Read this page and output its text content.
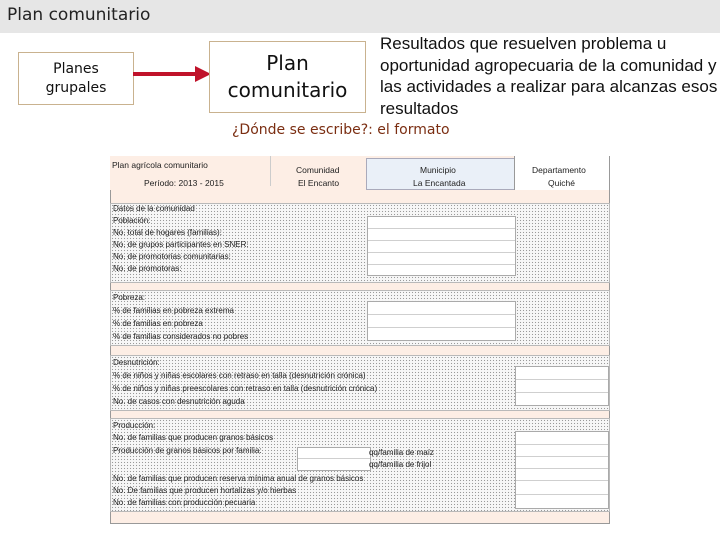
Plan comunitario
Planes grupales
Plan comunitario
Resultados que resuelven problema u oportunidad agropecuaria de la comunidad y las actividades a realizar para alcanzas esos resultados
¿Dónde se escribe?: el formato
Plan agrícola comunitario
Período: 2013 - 2015
Comunidad
El Encanto
Municipio
La Encantada
Departamento
Quiché
Datos de la comunidad
Población:
No. total de hogares (familias):
No. de grupos participantes en SNER:
No. de promotorias comunitarias:
No. de promotoras:
Pobreza:
% de familias en pobreza extrema
% de familias en pobreza
% de familias considerados no pobres
Desnutrición:
% de niños y niñas escolares con retraso en talla (desnutrición crónica)
% de niños y niñas preescolares con retraso en talla (desnutrición crónica)
No. de casos con desnutrición aguda
Producción:
No. de familias que producen granos básicos
Producción de granos básicos por familia:	qq/familia de maíz
qq/familia de frijol
No. de familias que producen reserva mínima anual de granos básicos
No. De familias que producen hortalizas y/o hierbas
No. de familias con producción pecuaria
